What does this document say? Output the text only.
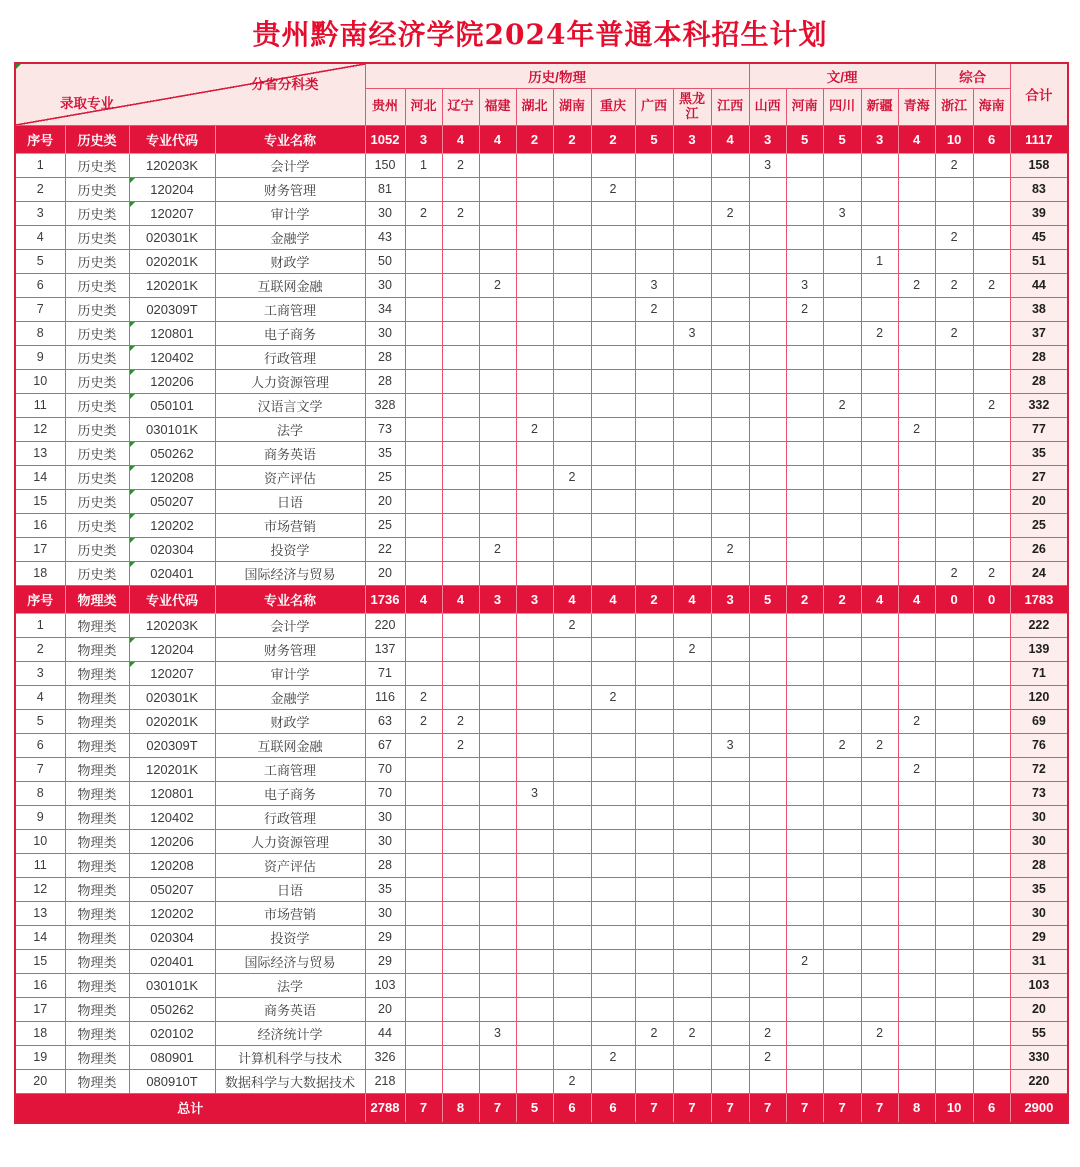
贵州黔南经济学院2024年普通本科招生计划
分省分科类
录取专业				历史/物理										文/理					综合		合计
				贵州	河北	辽宁	福建	湖北	湖南	重庆	广西	黑龙江	江西	山西	河南	四川	新疆	青海	浙江	海南	
序号	历史类	专业代码	专业名称	1052	3	4	4	2	2	2	5	3	4	3	5	5	3	4	10	6	1117
1	历史类	120203K	会计学	150	1	2								3					2		158
2	历史类	120204	财务管理	81						2											83
3	历史类	120207	审计学	30	2	2							2			3					39
4	历史类	020301K	金融学	43															2		45
5	历史类	020201K	财政学	50													1				51
6	历史类	120201K	互联网金融	30			2				3				3			2	2	2	44
7	历史类	020309T	工商管理	34							2				2						38
8	历史类	120801	电子商务	30								3					2		2		37
9	历史类	120402	行政管理	28																	28
10	历史类	120206	人力资源管理	28																	28
11	历史类	050101	汉语言文学	328												2				2	332
12	历史类	030101K	法学	73				2										2			77
13	历史类	050262	商务英语	35																	35
14	历史类	120208	资产评估	25					2												27
15	历史类	050207	日语	20																	20
16	历史类	120202	市场营销	25																	25
17	历史类	020304	投资学	22			2						2								26
18	历史类	020401	国际经济与贸易	20															2	2	24
序号	物理类	专业代码	专业名称	1736	4	4	3	3	4	4	2	4	3	5	2	2	4	4	0	0	1783
1	物理类	120203K	会计学	220					2												222
2	物理类	120204	财务管理	137								2									139
3	物理类	120207	审计学	71																	71
4	物理类	020301K	金融学	116	2					2											120
5	物理类	020201K	财政学	63	2	2												2			69
6	物理类	020309T	互联网金融	67		2							3			2	2				76
7	物理类	120201K	工商管理	70														2			72
8	物理类	120801	电子商务	70				3													73
9	物理类	120402	行政管理	30																	30
10	物理类	120206	人力资源管理	30																	30
11	物理类	120208	资产评估	28																	28
12	物理类	050207	日语	35																	35
13	物理类	120202	市场营销	30																	30
14	物理类	020304	投资学	29																	29
15	物理类	020401	国际经济与贸易	29											2						31
16	物理类	030101K	法学	103																	103
17	物理类	050262	商务英语	20																	20
18	物理类	020102	经济统计学	44			3				2	2		2			2				55
19	物理类	080901	计算机科学与技术	326						2				2							330
20	物理类	080910T	数据科学与大数据技术	218					2												220
总计				2788	7	8	7	5	6	6	7	7	7	7	7	7	7	8	10	6	2900
